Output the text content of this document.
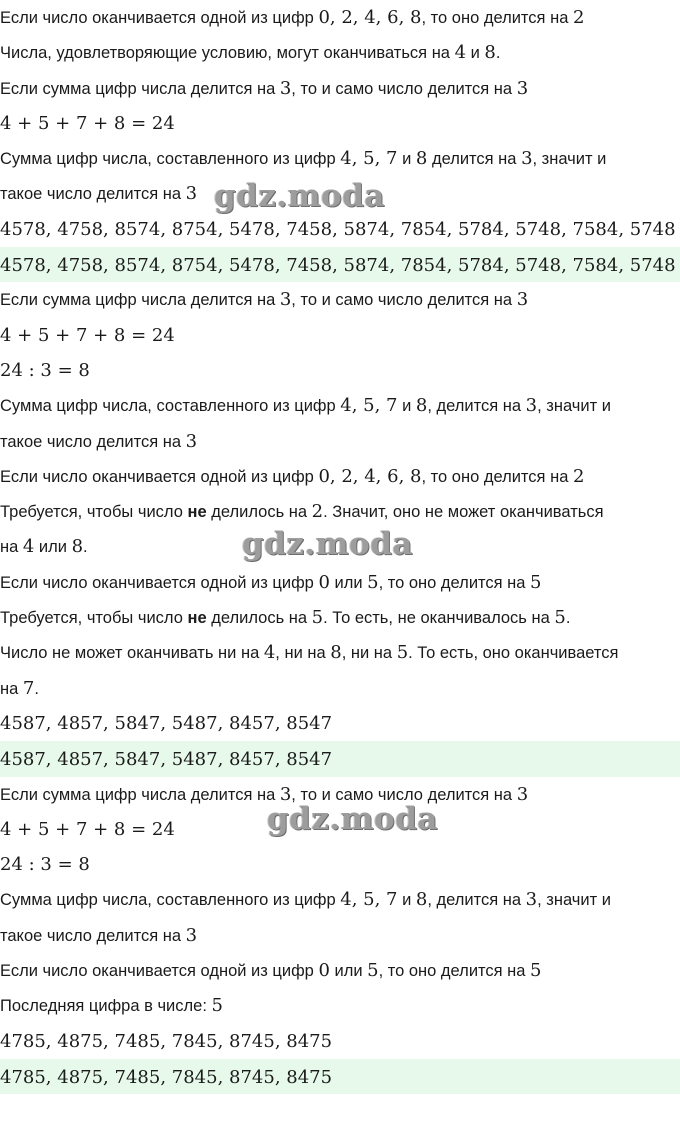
Если число оканчивается одной из цифр 0, 2, 4, 6, 8, то оно делится на 2
Числа, удовлетворяющие условию, могут оканчиваться на 4 и 8.
Если сумма цифр числа делится на 3, то и само число делится на 3
4 + 5 + 7 + 8 = 24
Сумма цифр числа, составленного из цифр 4, 5, 7 и 8 делится на 3, значит и
такое число делится на 3
4578, 4758, 8574, 8754, 5478, 7458, 5874, 7854, 5784, 5748, 7584, 5748
4578, 4758, 8574, 8754, 5478, 7458, 5874, 7854, 5784, 5748, 7584, 5748
Если сумма цифр числа делится на 3, то и само число делится на 3
4 + 5 + 7 + 8 = 24
24 : 3 = 8
Сумма цифр числа, составленного из цифр 4, 5, 7 и 8, делится на 3, значит и
такое число делится на 3
Если число оканчивается одной из цифр 0, 2, 4, 6, 8, то оно делится на 2
Требуется, чтобы число не делилось на 2. Значит, оно не может оканчиваться
на 4 или 8.
Если число оканчивается одной из цифр 0 или 5, то оно делится на 5
Требуется, чтобы число не делилось на 5. То есть, не оканчивалось на 5.
Число не может оканчивать ни на 4, ни на 8, ни на 5. То есть, оно оканчивается
на 7.
4587, 4857, 5847, 5487, 8457, 8547
4587, 4857, 5847, 5487, 8457, 8547
Если сумма цифр числа делится на 3, то и само число делится на 3
4 + 5 + 7 + 8 = 24
24 : 3 = 8
Сумма цифр числа, составленного из цифр 4, 5, 7 и 8, делится на 3, значит и
такое число делится на 3
Если число оканчивается одной из цифр 0 или 5, то оно делится на 5
Последняя цифра в числе: 5
4785, 4875, 7485, 7845, 8745, 8475
4785, 4875, 7485, 7845, 8745, 8475
gdz.moda
gdz.moda
gdz.moda
